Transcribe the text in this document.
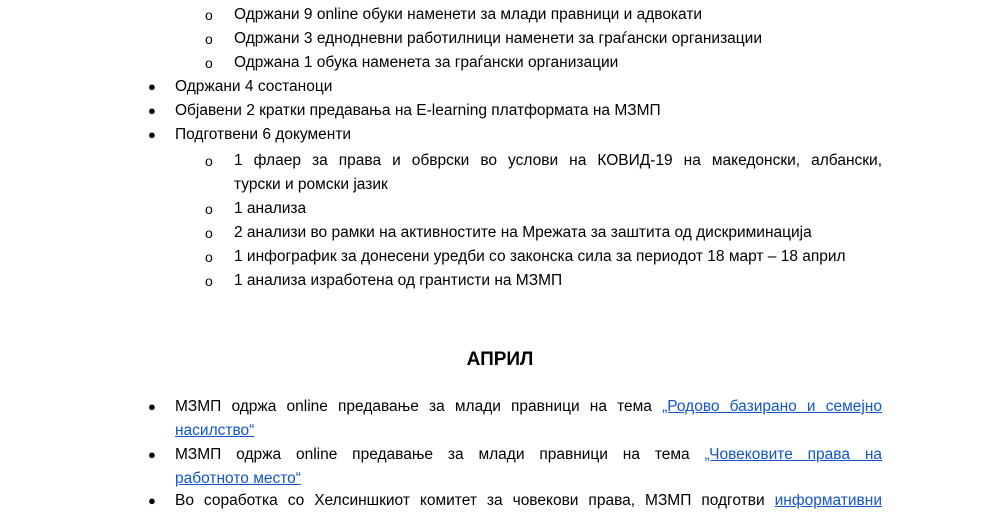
o Одржани 9 online обуки наменети за млади правници и адвокати
o Одржани 3 еднодневни работилници наменети за граѓански организации
o Одржана 1 обука наменета за граѓански организации
● Одржани 4 состаноци
● Објавени 2 кратки предавања на E-learning платформата на МЗМП
● Подготвени 6 документи
o 1 флаер за права и обврски во услови на КОВИД-19 на македонски, албански,
турски и ромски јазик
o 1 анализа
o 2 анализи во рамки на активностите на Мрежата за заштита од дискриминација
o 1 инфографик за донесени уредби со законска сила за периодот 18 март – 18 април
o 1 анализа изработена од грантисти на МЗМП
АПРИЛ
● МЗМП одржа online предавање за млади правници на тема „Родово базирано и семејно
насилство“
● МЗМП одржа online предавање за млади правници на тема „Човековите права на
работното место“
● Во соработка со Хелсиншкиот комитет за човекови права, МЗМП подготви информативни
